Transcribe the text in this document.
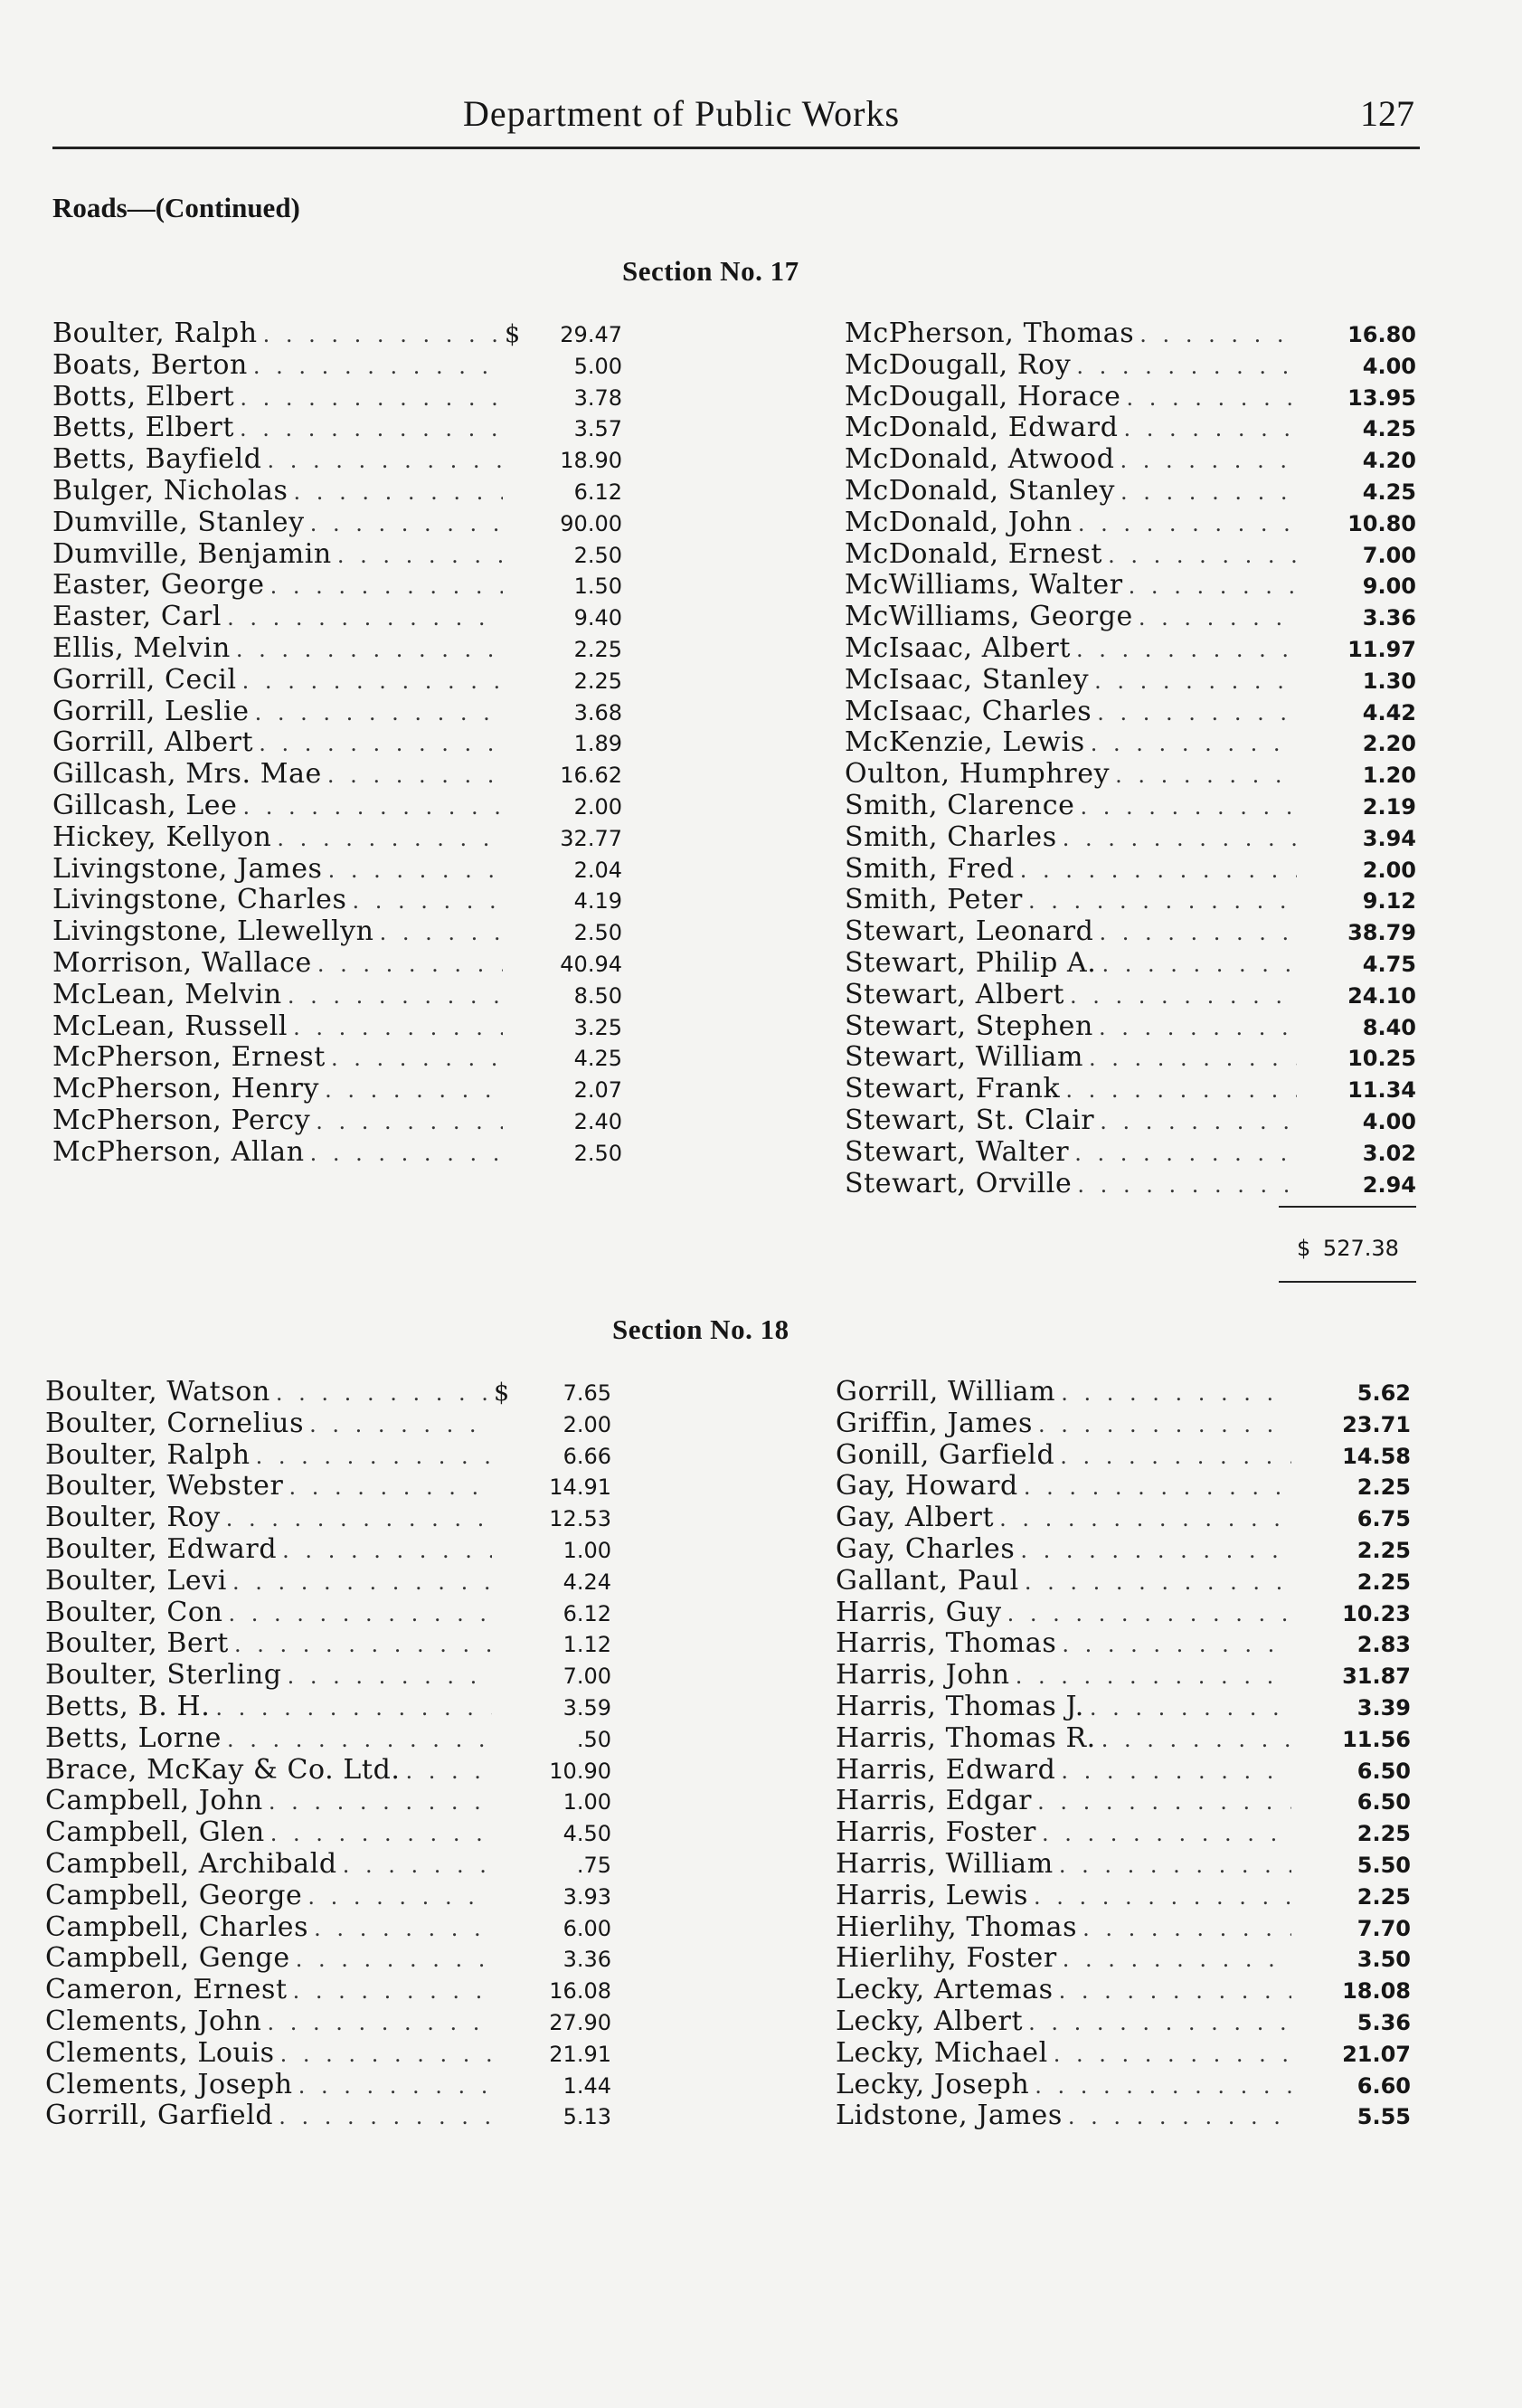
Department of Public Works	127
Roads—(Continued)
Section No. 17
Boulter, Ralph . . .	$	29.47
Boats, Berton . . .	5.00
Botts, Elbert . . .	3.78
Betts, Elbert . . .	3.57
Betts, Bayfield . . .	18.90
Bulger, Nicholas . . .	6.12
Dumville, Stanley . . .	90.00
Dumville, Benjamin . . .	2.50
Easter, George . . .	1.50
Easter, Carl . . .	9.40
Ellis, Melvin . . .	2.25
Gorrill, Cecil . . .	2.25
Gorrill, Leslie . . .	3.68
Gorrill, Albert . . .	1.89
Gillcash, Mrs. Mae . . .	16.62
Gillcash, Lee . . .	2.00
Hickey, Kellyon . . .	32.77
Livingstone, James . . .	2.04
Livingstone, Charles . . .	4.19
Livingstone, Llewellyn . . .	2.50
Morrison, Wallace . . .	40.94
McLean, Melvin . . .	8.50
McLean, Russell . . .	3.25
McPherson, Ernest . . .	4.25
McPherson, Henry . . .	2.07
McPherson, Percy . . .	2.40
McPherson, Allan . . .	2.50
McPherson, Thomas . . .	16.80
McDougall, Roy . . .	4.00
McDougall, Horace . . .	13.95
McDonald, Edward . . .	4.25
McDonald, Atwood . . .	4.20
McDonald, Stanley . . .	4.25
McDonald, John . . .	10.80
McDonald, Ernest . . .	7.00
McWilliams, Walter . . .	9.00
McWilliams, George . . .	3.36
McIsaac, Albert . . .	11.97
McIsaac, Stanley . . .	1.30
McIsaac, Charles . . .	4.42
McKenzie, Lewis . . .	2.20
Oulton, Humphrey . . .	1.20
Smith, Clarence . . .	2.19
Smith, Charles . . .	3.94
Smith, Fred . . .	2.00
Smith, Peter . . .	9.12
Stewart, Leonard . . .	38.79
Stewart, Philip A. . . .	4.75
Stewart, Albert . . .	24.10
Stewart, Stephen . . .	8.40
Stewart, William . . .	10.25
Stewart, Frank . . .	11.34
Stewart, St. Clair . . .	4.00
Stewart, Walter . . .	3.02
Stewart, Orville . . .	2.94
$ 527.38
Section No. 18
Boulter, Watson . . .	$	7.65
Boulter, Cornelius . . .	2.00
Boulter, Ralph . . .	6.66
Boulter, Webster . . .	14.91
Boulter, Roy . . .	12.53
Boulter, Edward . . .	1.00
Boulter, Levi . . .	4.24
Boulter, Con . . .	6.12
Boulter, Bert . . .	1.12
Boulter, Sterling . . .	7.00
Betts, B. H. . . .	3.59
Betts, Lorne . . .	.50
Brace, McKay & Co. Ltd. . . .	10.90
Campbell, John . . .	1.00
Campbell, Glen . . .	4.50
Campbell, Archibald . . .	.75
Campbell, George . . .	3.93
Campbell, Charles . . .	6.00
Campbell, Genge . . .	3.36
Cameron, Ernest . . .	16.08
Clements, John . . .	27.90
Clements, Louis . . .	21.91
Clements, Joseph . . .	1.44
Gorrill, Garfield . . .	5.13
Gorrill, William . . .	5.62
Griffin, James . . .	23.71
Gonill, Garfield . . .	14.58
Gay, Howard . . .	2.25
Gay, Albert . . .	6.75
Gay, Charles . . .	2.25
Gallant, Paul . . .	2.25
Harris, Guy . . .	10.23
Harris, Thomas . . .	2.83
Harris, John . . .	31.87
Harris, Thomas J. . . .	3.39
Harris, Thomas R. . . .	11.56
Harris, Edward . . .	6.50
Harris, Edgar . . .	6.50
Harris, Foster . . .	2.25
Harris, William . . .	5.50
Harris, Lewis . . .	2.25
Hierlihy, Thomas . . .	7.70
Hierlihy, Foster . . .	3.50
Lecky, Artemas . . .	18.08
Lecky, Albert . . .	5.36
Lecky, Michael . . .	21.07
Lecky, Joseph . . .	6.60
Lidstone, James . . .	5.55
